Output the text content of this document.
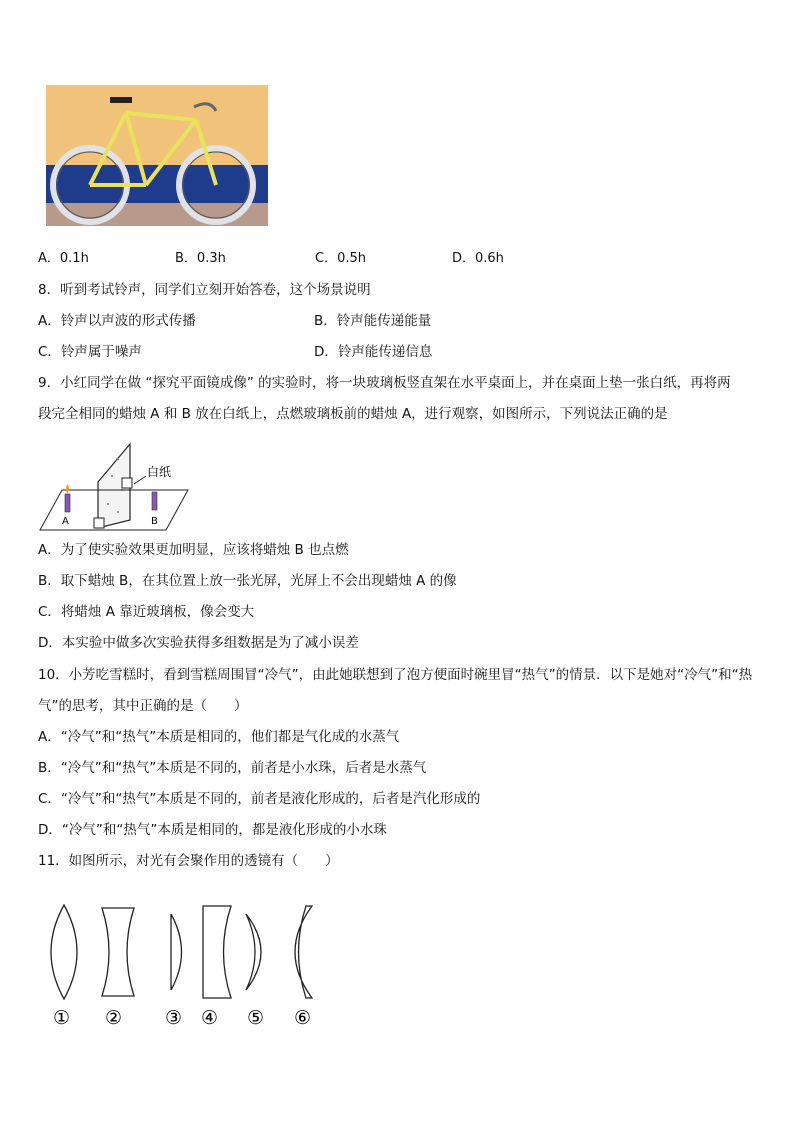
A．0.1h	B．0.3h	C．0.5h	D．0.6h
8．听到考试铃声，同学们立刻开始答卷，这个场景说明
A．铃声以声波的形式传播	B．铃声能传递能量
C．铃声属于噪声	D．铃声能传递信息
9．小红同学在做 “探究平面镜成像” 的实验时，将一块玻璃板竖直架在水平桌面上，并在桌面上垫一张白纸，再将两
段完全相同的蜡烛 A 和 B 放在白纸上，点燃玻璃板前的蜡烛 A，进行观察，如图所示，下列说法正确的是
白纸
A	B
A．为了使实验效果更加明显，应该将蜡烛 B 也点燃
B．取下蜡烛 B，在其位置上放一张光屏，光屏上不会出现蜡烛 A 的像
C．将蜡烛 A 靠近玻璃板，像会变大
D．本实验中做多次实验获得多组数据是为了减小误差
10．小芳吃雪糕时，看到雪糕周围冒“冷气”，由此她联想到了泡方便面时碗里冒“热气”的情景．以下是她对“冷气”和“热
气”的思考，其中正确的是（　　）
A．“冷气”和“热气”本质是相同的，他们都是气化成的水蒸气
B．“冷气”和“热气”本质是不同的，前者是小水珠，后者是水蒸气
C．“冷气”和“热气”本质是不同的，前者是液化形成的，后者是汽化形成的
D．“冷气”和“热气”本质是相同的，都是液化形成的小水珠
11．如图所示，对光有会聚作用的透镜有（　　）
① ② ③ ④ ⑤ ⑥
